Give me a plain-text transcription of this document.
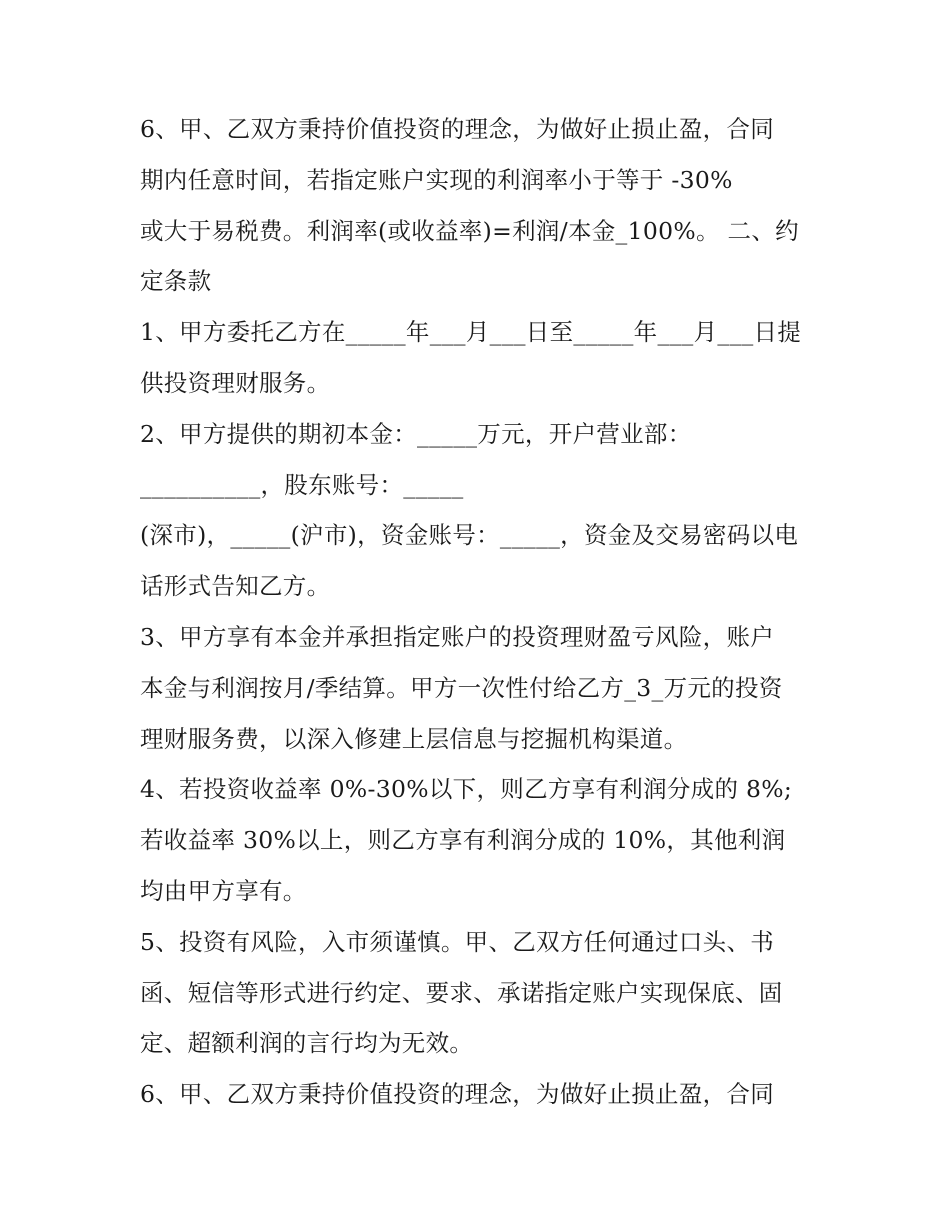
6、甲、乙双方秉持价值投资的理念，为做好止损止盈，合同
期内任意时间，若指定账户实现的利润率小于等于 -30%
或大于易税费。利润率(或收益率)=利润/本金_100%。 二、约
定条款
1、甲方委托乙方在_____年___月___日至_____年___月___日提
供投资理财服务。
2、甲方提供的期初本金：_____万元，开户营业部：
__________，股东账号：_____
(深市)，_____(沪市)，资金账号：_____，资金及交易密码以电
话形式告知乙方。
3、甲方享有本金并承担指定账户的投资理财盈亏风险，账户
本金与利润按月/季结算。甲方一次性付给乙方_3_万元的投资
理财服务费，以深入修建上层信息与挖掘机构渠道。
4、若投资收益率 0%-30%以下，则乙方享有利润分成的 8%;
若收益率 30%以上，则乙方享有利润分成的 10%，其他利润
均由甲方享有。
5、投资有风险，入市须谨慎。甲、乙双方任何通过口头、书
函、短信等形式进行约定、要求、承诺指定账户实现保底、固
定、超额利润的言行均为无效。
6、甲、乙双方秉持价值投资的理念，为做好止损止盈，合同
